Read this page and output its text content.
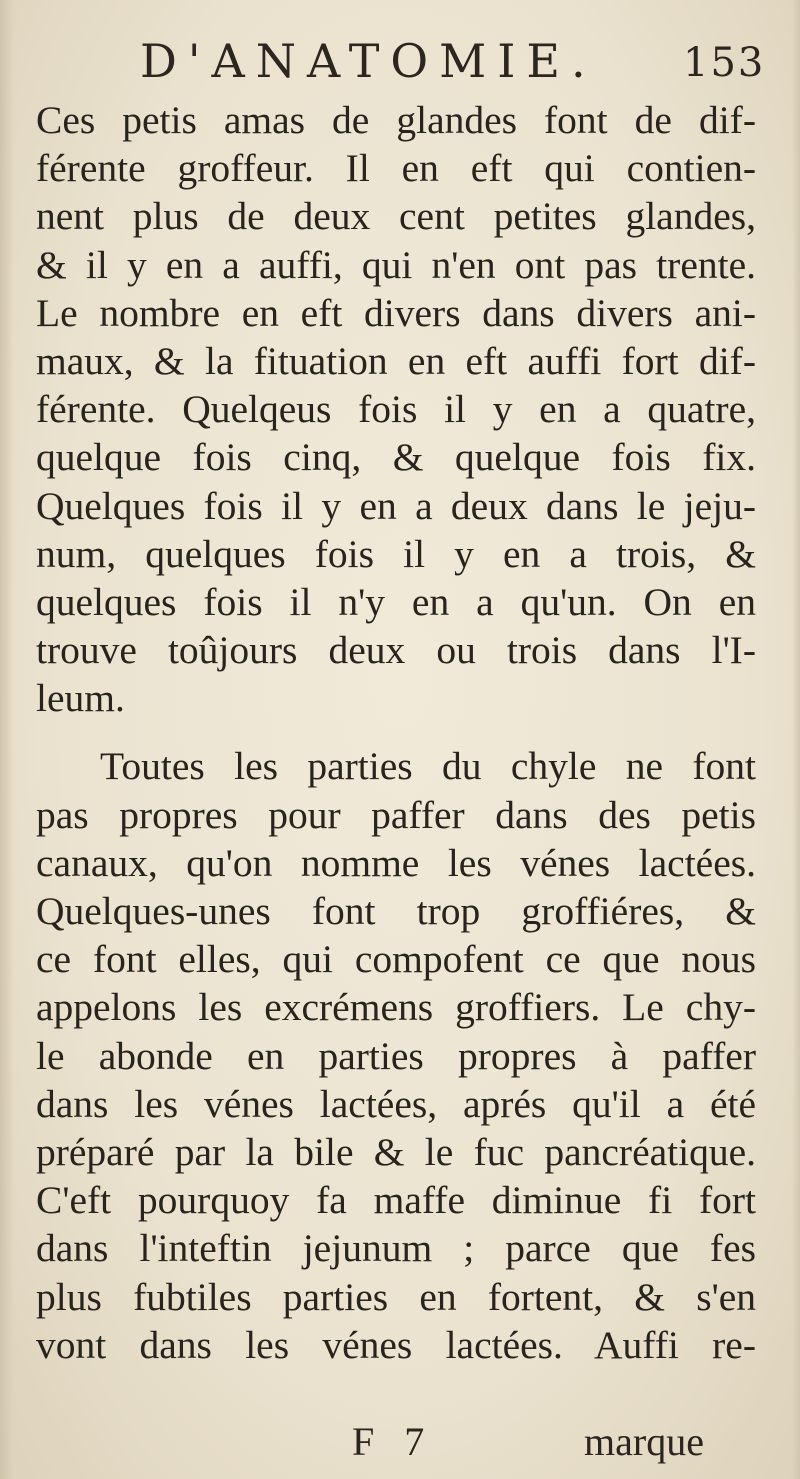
D'ANATOMIE. 153
Ces petis amas de glandes font de dif-
férente groffeur. Il en eft qui contien-
nent plus de deux cent petites glandes,
& il y en a auffi, qui n'en ont pas trente.
Le nombre en eft divers dans divers ani-
maux, & la fituation en eft auffi fort dif-
férente. Quelqeus fois il y en a quatre,
quelque fois cinq, & quelque fois fix.
Quelques fois il y en a deux dans le jeju-
num, quelques fois il y en a trois, &
quelques fois il n'y en a qu'un. On en
trouve toûjours deux ou trois dans l'I-
leum.
Toutes les parties du chyle ne font
pas propres pour paffer dans des petis
canaux, qu'on nomme les vénes lactées.
Quelques-unes font trop groffiéres, &
ce font elles, qui compofent ce que nous
appelons les excrémens groffiers. Le chy-
le abonde en parties propres à paffer
dans les vénes lactées, aprés qu'il a été
préparé par la bile & le fuc pancréatique.
C'eft pourquoy fa maffe diminue fi fort
dans l'inteftin jejunum ; parce que fes
plus fubtiles parties en fortent, & s'en
vont dans les vénes lactées. Auffi re-
F 7	marque
